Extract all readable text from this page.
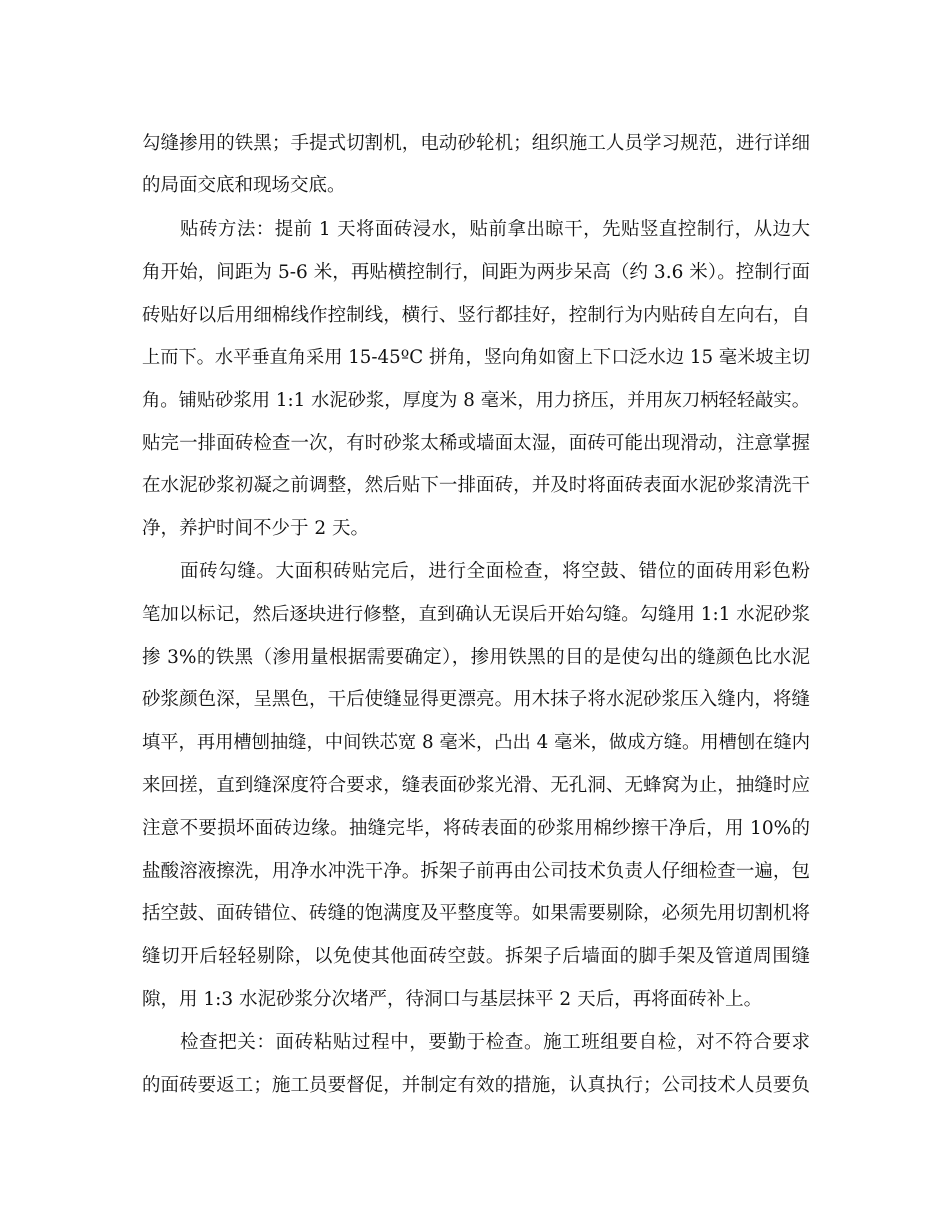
勾缝掺用的铁黑；手提式切割机，电动砂轮机；组织施工人员学习规范，进行详细
的局面交底和现场交底。
贴砖方法：提前 1 天将面砖浸水，贴前拿出晾干，先贴竖直控制行，从边大
角开始，间距为 5-6 米，再贴横控制行，间距为两步呆高（约 3.6 米）。控制行面
砖贴好以后用细棉线作控制线，横行、竖行都挂好，控制行为内贴砖自左向右，自
上而下。水平垂直角采用 15-45ºC 拼角，竖向角如窗上下口泛水边 15 毫米坡主切
角。铺贴砂浆用 1:1 水泥砂浆，厚度为 8 毫米，用力挤压，并用灰刀柄轻轻敲实。
贴完一排面砖检查一次，有时砂浆太稀或墙面太湿，面砖可能出现滑动，注意掌握
在水泥砂浆初凝之前调整，然后贴下一排面砖，并及时将面砖表面水泥砂浆清洗干
净，养护时间不少于 2 天。
面砖勾缝。大面积砖贴完后，进行全面检查，将空鼓、错位的面砖用彩色粉
笔加以标记，然后逐块进行修整，直到确认无误后开始勾缝。勾缝用 1:1 水泥砂浆
掺 3%的铁黑（渗用量根据需要确定），掺用铁黑的目的是使勾出的缝颜色比水泥
砂浆颜色深，呈黑色，干后使缝显得更漂亮。用木抹子将水泥砂浆压入缝内，将缝
填平，再用槽刨抽缝，中间铁芯宽 8 毫米，凸出 4 毫米，做成方缝。用槽刨在缝内
来回搓，直到缝深度符合要求，缝表面砂浆光滑、无孔洞、无蜂窝为止，抽缝时应
注意不要损坏面砖边缘。抽缝完毕，将砖表面的砂浆用棉纱擦干净后，用 10%的
盐酸溶液擦洗，用净水冲洗干净。拆架子前再由公司技术负责人仔细检查一遍，包
括空鼓、面砖错位、砖缝的饱满度及平整度等。如果需要剔除，必须先用切割机将
缝切开后轻轻剔除，以免使其他面砖空鼓。拆架子后墙面的脚手架及管道周围缝
隙，用 1:3 水泥砂浆分次堵严，待洞口与基层抹平 2 天后，再将面砖补上。
检查把关：面砖粘贴过程中，要勤于检查。施工班组要自检，对不符合要求
的面砖要返工；施工员要督促，并制定有效的措施，认真执行；公司技术人员要负
